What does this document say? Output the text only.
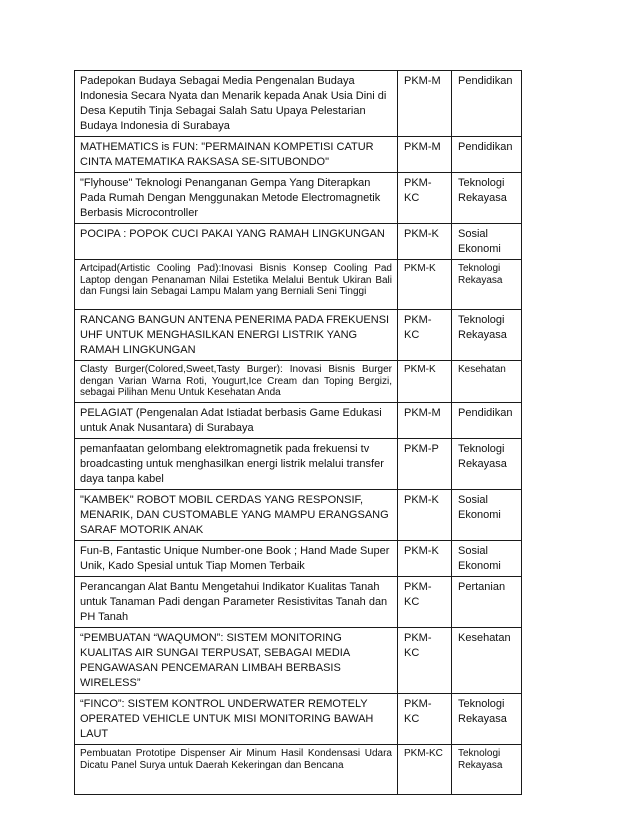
Padepokan Budaya Sebagai Media Pengenalan Budaya Indonesia Secara Nyata dan Menarik kepada Anak Usia Dini di Desa Keputih Tinja Sebagai Salah Satu Upaya Pelestarian Budaya Indonesia di Surabaya	PKM-M	Pendidikan
MATHEMATICS is FUN: "PERMAINAN KOMPETISI CATUR CINTA MATEMATIKA RAKSASA SE-SITUBONDO"	PKM-M	Pendidikan
"Flyhouse" Teknologi Penanganan Gempa Yang Diterapkan Pada Rumah Dengan Menggunakan Metode Electromagnetik Berbasis Microcontroller	PKM-KC	Teknologi Rekayasa
POCIPA : POPOK CUCI PAKAI YANG RAMAH LINGKUNGAN	PKM-K	Sosial Ekonomi
Artcipad(Artistic Cooling Pad):Inovasi Bisnis Konsep Cooling Pad Laptop dengan Penanaman Nilai Estetika Melalui Bentuk Ukiran Bali dan Fungsi lain Sebagai Lampu Malam yang Berniali Seni Tinggi	PKM-K	Teknologi Rekayasa
RANCANG BANGUN ANTENA PENERIMA PADA FREKUENSI UHF UNTUK MENGHASILKAN ENERGI LISTRIK YANG RAMAH LINGKUNGAN	PKM-KC	Teknologi Rekayasa
Clasty Burger(Colored,Sweet,Tasty Burger): Inovasi Bisnis Burger dengan Varian Warna Roti, Yougurt,Ice Cream dan Toping Bergizi, sebagai Pilihan Menu Untuk Kesehatan Anda	PKM-K	Kesehatan
PELAGIAT (Pengenalan Adat Istiadat berbasis Game Edukasi untuk Anak Nusantara) di Surabaya	PKM-M	Pendidikan
pemanfaatan gelombang elektromagnetik pada frekuensi tv broadcasting untuk menghasilkan energi listrik melalui transfer daya tanpa kabel	PKM-P	Teknologi Rekayasa
"KAMBEK" ROBOT MOBIL CERDAS YANG RESPONSIF, MENARIK, DAN CUSTOMABLE YANG MAMPU ERANGSANG SARAF MOTORIK ANAK	PKM-K	Sosial Ekonomi
Fun-B, Fantastic Unique Number-one Book ; Hand Made Super Unik, Kado Spesial untuk Tiap Momen Terbaik	PKM-K	Sosial Ekonomi
Perancangan Alat Bantu Mengetahui Indikator Kualitas Tanah untuk Tanaman Padi dengan Parameter Resistivitas Tanah dan PH Tanah	PKM-KC	Pertanian
“PEMBUATAN “WAQUMON”: SISTEM MONITORING KUALITAS AIR SUNGAI TERPUSAT, SEBAGAI MEDIA PENGAWASAN PENCEMARAN LIMBAH BERBASIS WIRELESS”	PKM-KC	Kesehatan
“FINCO”: SISTEM KONTROL UNDERWATER REMOTELY OPERATED VEHICLE UNTUK MISI MONITORING BAWAH LAUT	PKM-KC	Teknologi Rekayasa
Pembuatan Prototipe Dispenser Air Minum Hasil Kondensasi Udara Dicatu Panel Surya untuk Daerah Kekeringan dan Bencana	PKM-KC	Teknologi Rekayasa
